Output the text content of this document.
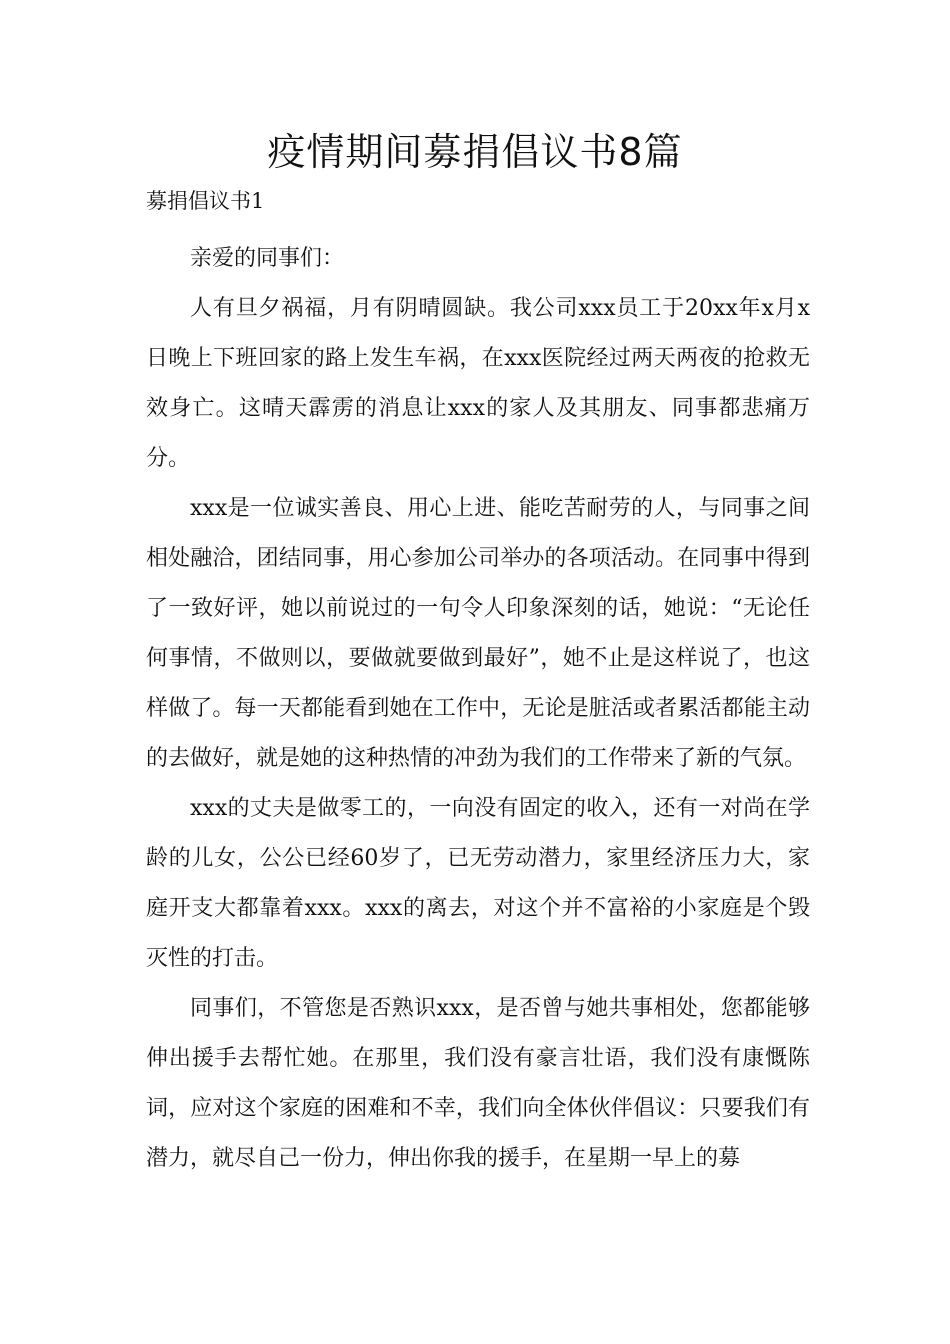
疫情期间募捐倡议书8篇

募捐倡议书1

亲爱的同事们：

人有旦夕祸福，月有阴晴圆缺。我公司xxx员工于20xx年x月x日晚上下班回家的路上发生车祸，在xxx医院经过两天两夜的抢救无效身亡。这晴天霹雳的消息让xxx的家人及其朋友、同事都悲痛万分。

xxx是一位诚实善良、用心上进、能吃苦耐劳的人，与同事之间相处融洽，团结同事，用心参加公司举办的各项活动。在同事中得到了一致好评，她以前说过的一句令人印象深刻的话，她说：“无论任何事情，不做则以，要做就要做到最好”，她不止是这样说了，也这样做了。每一天都能看到她在工作中，无论是脏活或者累活都能主动的去做好，就是她的这种热情的冲劲为我们的工作带来了新的气氛。

xxx的丈夫是做零工的，一向没有固定的收入，还有一对尚在学龄的儿女，公公已经60岁了，已无劳动潜力，家里经济压力大，家庭开支大都靠着xxx。xxx的离去，对这个并不富裕的小家庭是个毁灭性的打击。

同事们，不管您是否熟识xxx，是否曾与她共事相处，您都能够伸出援手去帮忙她。在那里，我们没有豪言壮语，我们没有康慨陈词，应对这个家庭的困难和不幸，我们向全体伙伴倡议：只要我们有潜力，就尽自己一份力，伸出你我的援手，在星期一早上的募
